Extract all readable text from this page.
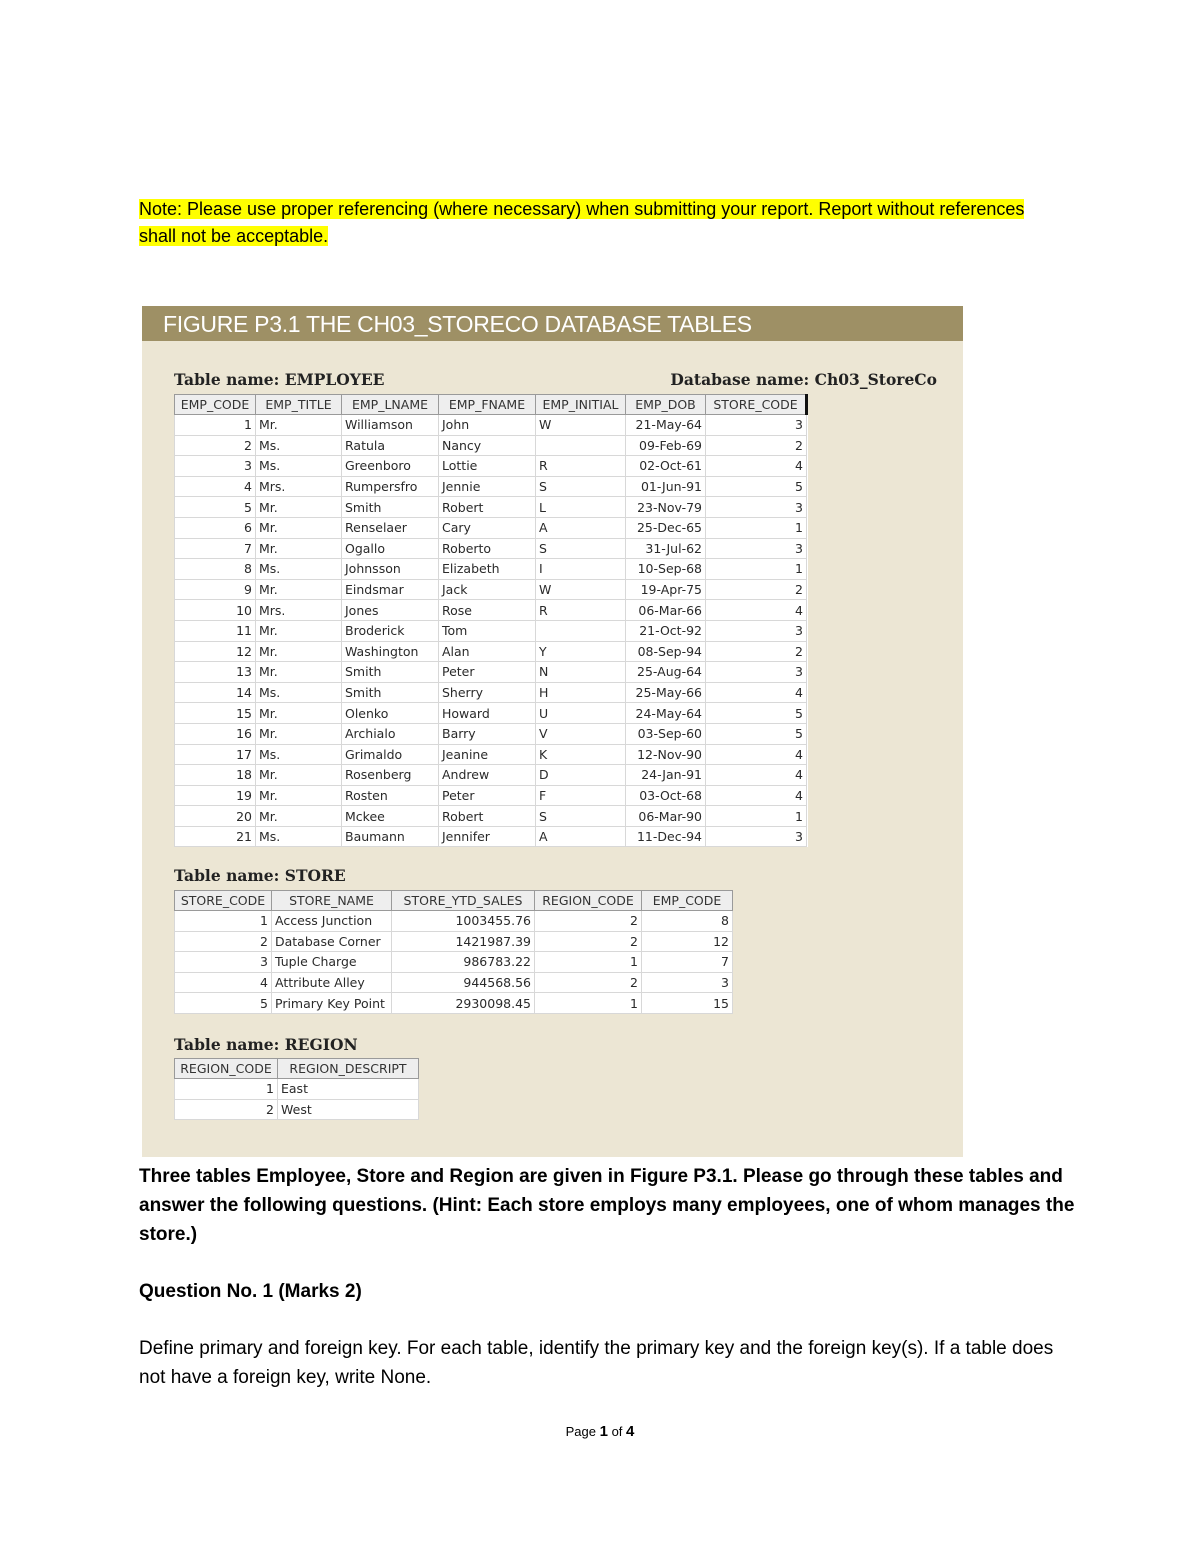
Note: Please use proper referencing (where necessary) when submitting your report. Report without references shall not be acceptable.
FIGURE P3.1 THE CH03_STORECO DATABASE TABLES
Table name: EMPLOYEE	Database name: Ch03_StoreCo
EMP_CODE	EMP_TITLE	EMP_LNAME	EMP_FNAME	EMP_INITIAL	EMP_DOB	STORE_CODE
1	Mr.	Williamson	John	W	21-May-64	3
2	Ms.	Ratula	Nancy		09-Feb-69	2
3	Ms.	Greenboro	Lottie	R	02-Oct-61	4
4	Mrs.	Rumpersfro	Jennie	S	01-Jun-91	5
5	Mr.	Smith	Robert	L	23-Nov-79	3
6	Mr.	Renselaer	Cary	A	25-Dec-65	1
7	Mr.	Ogallo	Roberto	S	31-Jul-62	3
8	Ms.	Johnsson	Elizabeth	I	10-Sep-68	1
9	Mr.	Eindsmar	Jack	W	19-Apr-75	2
10	Mrs.	Jones	Rose	R	06-Mar-66	4
11	Mr.	Broderick	Tom		21-Oct-92	3
12	Mr.	Washington	Alan	Y	08-Sep-94	2
13	Mr.	Smith	Peter	N	25-Aug-64	3
14	Ms.	Smith	Sherry	H	25-May-66	4
15	Mr.	Olenko	Howard	U	24-May-64	5
16	Mr.	Archialo	Barry	V	03-Sep-60	5
17	Ms.	Grimaldo	Jeanine	K	12-Nov-90	4
18	Mr.	Rosenberg	Andrew	D	24-Jan-91	4
19	Mr.	Rosten	Peter	F	03-Oct-68	4
20	Mr.	Mckee	Robert	S	06-Mar-90	1
21	Ms.	Baumann	Jennifer	A	11-Dec-94	3
Table name: STORE
STORE_CODE	STORE_NAME	STORE_YTD_SALES	REGION_CODE	EMP_CODE
1	Access Junction	1003455.76	2	8
2	Database Corner	1421987.39	2	12
3	Tuple Charge	986783.22	1	7
4	Attribute Alley	944568.56	2	3
5	Primary Key Point	2930098.45	1	15
Table name: REGION
REGION_CODE	REGION_DESCRIPT
1	East
2	West
Three tables Employee, Store and Region are given in Figure P3.1. Please go through these tables and answer the following questions. (Hint: Each store employs many employees, one of whom manages the store.)
Question No. 1 (Marks 2)
Define primary and foreign key. For each table, identify the primary key and the foreign key(s). If a table does not have a foreign key, write None.
Page 1 of 4
